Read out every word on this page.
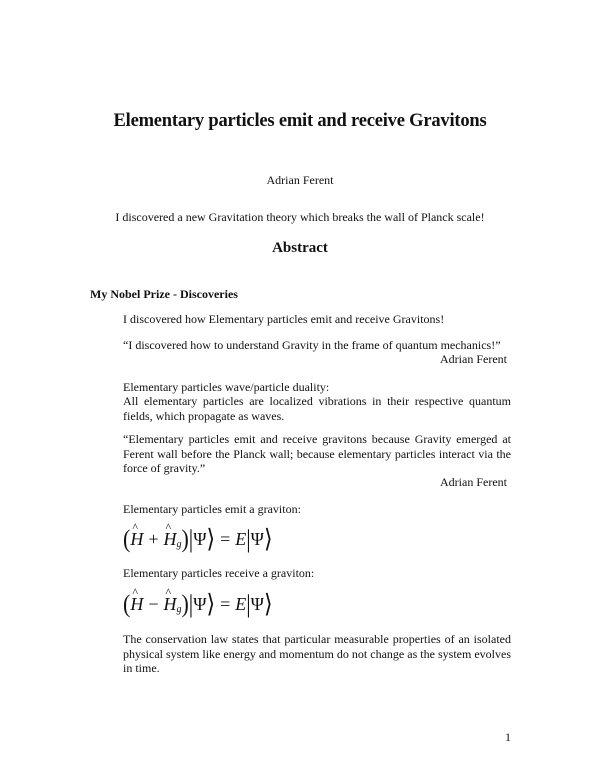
Elementary particles emit and receive Gravitons
Adrian Ferent
I discovered a new Gravitation theory which breaks the wall of Planck scale!
Abstract
My Nobel Prize - Discoveries
I discovered how Elementary particles emit and receive Gravitons!
“I discovered how to understand Gravity in the frame of quantum mechanics!”
Adrian Ferent
Elementary particles wave/particle duality:
All elementary particles are localized vibrations in their respective quantum fields, which propagate as waves.
“Elementary particles emit and receive gravitons because Gravity emerged at Ferent wall before the Planck wall; because elementary particles interact via the force of gravity.”
Adrian Ferent
Elementary particles emit a graviton:
( ^ H + ^ H g )| Ψ ⟩ = E | Ψ ⟩
Elementary particles receive a graviton:
( ^ H − ^ H g )| Ψ ⟩ = E | Ψ ⟩
The conservation law states that particular measurable properties of an isolated physical system like energy and momentum do not change as the system evolves in time.
1
